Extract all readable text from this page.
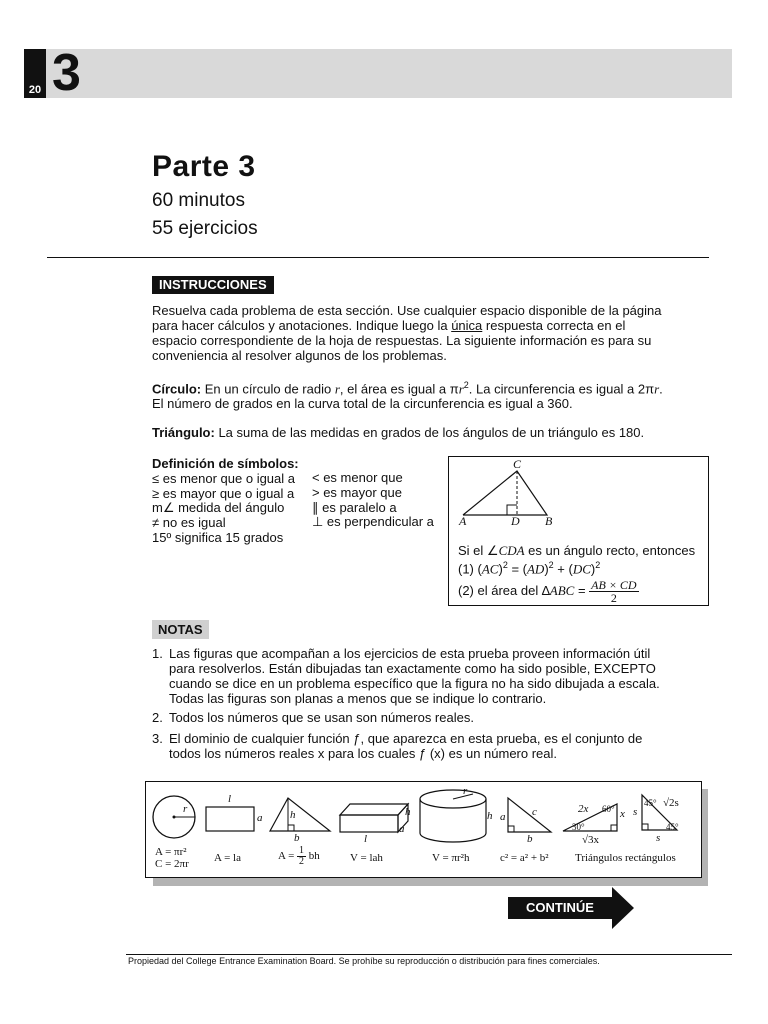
20 3
Parte 3
60 minutos
55 ejercicios
INSTRUCCIONES
Resuelva cada problema de esta sección. Use cualquier espacio disponible de la página
para hacer cálculos y anotaciones. Indique luego la única respuesta correcta en el
espacio correspondiente de la hoja de respuestas. La siguiente información es para su
conveniencia al resolver algunos de los problemas.
Círculo: En un círculo de radio r, el área es igual a $\pi r^2$. La circunferencia es igual a 2πr.
El número de grados en la curva total de la circunferencia es igual a 360.
Triángulo: La suma de las medidas en grados de los ángulos de un triángulo es 180.
Definición de símbolos:
≤ es menor que o igual a
≥ es mayor que o igual a
m∠ medida del ángulo
≠ no es igual
15º significa 15 grados
< es menor que
> es mayor que
∥ es paralelo a
⊥ es perpendicular a
C
A	D B
Si el ∠CDA es un ángulo recto, entonces
(1) (AC)$^2$ = (AD)$^2$ + (DC)$^2$
(2) el área del $\Delta ABC = \frac{AB \times CD}{2}$
NOTAS
1. Las figuras que acompañan a los ejercicios de esta prueba proveen información útil
para resolverlos. Están dibujadas tan exactamente como ha sido posible, EXCEPTO
cuando se dice en un problema específico que la figura no ha sido dibujada a escala.
Todas las figuras son planas a menos que se indique lo contrario.
2. Todos los números que se usan son números reales.
3. El dominio de cualquier función ƒ, que aparezca en esta prueba, es el conjunto de
todos los números reales x para los cuales ƒ (x) es un número real.
r
A = πr²
C = 2πr
l
a
A = la
h
b
$A = \frac{1}{2}$ bh
h
l
a
V = lah
r
h
V = πr²h
c
a
b
c² = a² + b²
2x 60°
30°
x
√3x
45° √2s
s
45°
s
Triángulos rectángulos
CONTINÚE
Propiedad del College Entrance Examination Board. Se prohíbe su reproducción o distribución para fines comerciales.
